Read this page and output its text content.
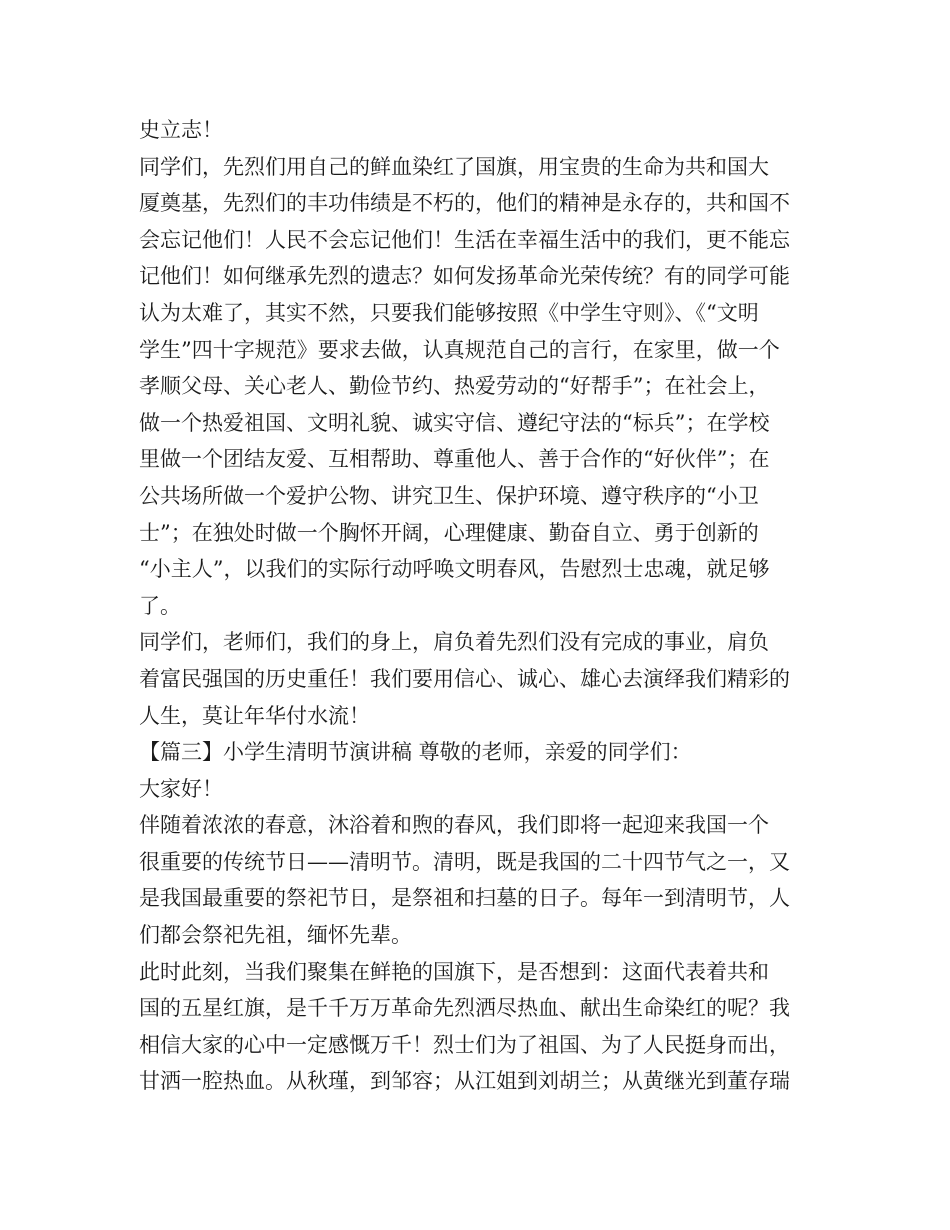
史立志！
同学们，先烈们用自己的鲜血染红了国旗，用宝贵的生命为共和国大
厦奠基，先烈们的丰功伟绩是不朽的，他们的精神是永存的，共和国不
会忘记他们！人民不会忘记他们！生活在幸福生活中的我们，更不能忘
记他们！如何继承先烈的遗志？如何发扬革命光荣传统？有的同学可能
认为太难了，其实不然，只要我们能够按照《中学生守则》、《“文明
学生”四十字规范》要求去做，认真规范自己的言行，在家里，做一个
孝顺父母、关心老人、勤俭节约、热爱劳动的“好帮手”；在社会上，
做一个热爱祖国、文明礼貌、诚实守信、遵纪守法的“标兵”；在学校
里做一个团结友爱、互相帮助、尊重他人、善于合作的“好伙伴”；在
公共场所做一个爱护公物、讲究卫生、保护环境、遵守秩序的“小卫
士”；在独处时做一个胸怀开阔，心理健康、勤奋自立、勇于创新的
“小主人”，以我们的实际行动呼唤文明春风，告慰烈士忠魂，就足够
了。
同学们，老师们，我们的身上，肩负着先烈们没有完成的事业，肩负
着富民强国的历史重任！我们要用信心、诚心、雄心去演绎我们精彩的
人生，莫让年华付水流！
【篇三】小学生清明节演讲稿 尊敬的老师，亲爱的同学们：
大家好！
伴随着浓浓的春意，沐浴着和煦的春风，我们即将一起迎来我国一个
很重要的传统节日——清明节。清明，既是我国的二十四节气之一，又
是我国最重要的祭祀节日，是祭祖和扫墓的日子。每年一到清明节，人
们都会祭祀先祖，缅怀先辈。
此时此刻，当我们聚集在鲜艳的国旗下，是否想到：这面代表着共和
国的五星红旗，是千千万万革命先烈洒尽热血、献出生命染红的呢？我
相信大家的心中一定感慨万千！烈士们为了祖国、为了人民挺身而出，
甘洒一腔热血。从秋瑾，到邹容；从江姐到刘胡兰；从黄继光到董存瑞
